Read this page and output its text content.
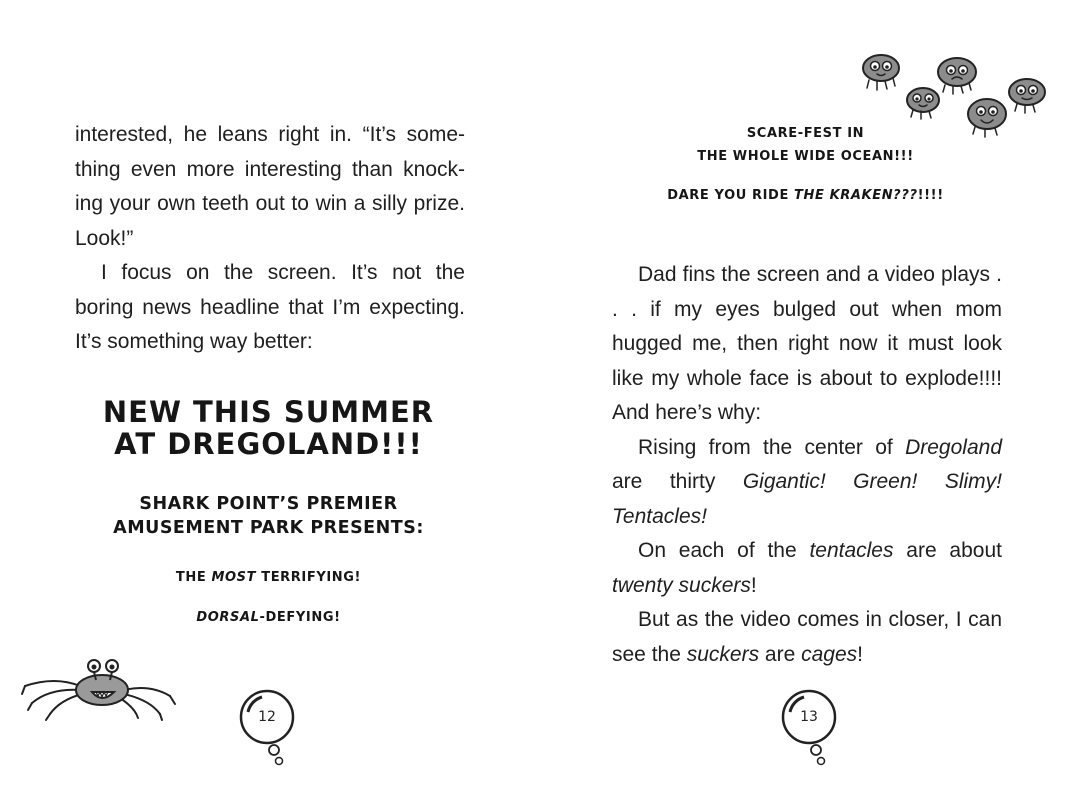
interested, he leans right in. “It’s some-thing even more interesting than knock-ing your own teeth out to win a silly prize. Look!”

I focus on the screen. It’s not the boring news headline that I’m expecting. It’s something way better:

NEW THIS SUMMER
AT DREGOLAND!!!
SHARK POINT’S PREMIER
AMUSEMENT PARK PRESENTS:
THE MOST TERRIFYING!
DORSAL-DEFYING!
12
SCARE-FEST IN
THE WHOLE WIDE OCEAN!!!
DARE YOU RIDE THE KRAKEN???!!!!

Dad fins the screen and a video plays . . . if my eyes bulged out when mom hugged me, then right now it must look like my whole face is about to explode!!!! And here’s why:

Rising from the center of Dregoland are thirty Gigantic! Green! Slimy! Tentacles!

On each of the tentacles are about twenty suckers!

But as the video comes in closer, I can see the suckers are cages!

13
